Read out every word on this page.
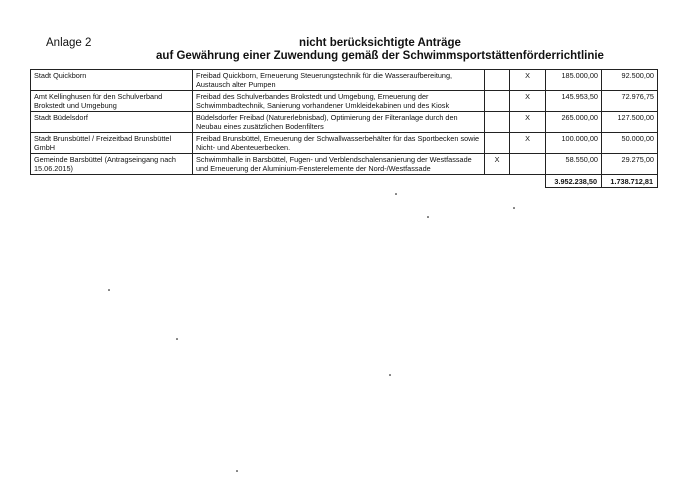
Anlage 2	nicht berücksichtigte Anträge
auf Gewährung einer Zuwendung gemäß der Schwimmsportstättenförderrichtlinie
Stadt Quickborn	Freibad Quickborn, Erneuerung Steuerungstechnik für die Wasseraufbereitung, Austausch alter Pumpen		X	185.000,00	92.500,00
Amt Kellinghusen für den Schulverband Brokstedt und Umgebung	Freibad des Schulverbandes Brokstedt und Umgebung, Erneuerung der Schwimmbadtechnik, Sanierung vorhandener Umkleidekabinen und des Kiosk		X	145.953,50	72.976,75
Stadt Büdelsdorf	Büdelsdorfer Freibad (Naturerlebnisbad), Optimierung der Filteranlage durch den Neubau eines zusätzlichen Bodenfilters		X	265.000,00	127.500,00
Stadt Brunsbüttel / Freizeitbad Brunsbüttel GmbH	Freibad Brunsbüttel, Erneuerung der Schwallwasserbehälter für das Sportbecken sowie Nicht- und Abenteuerbecken.		X	100.000,00	50.000,00
Gemeinde Barsbüttel (Antragseingang nach 15.06.2015)	Schwimmhalle in Barsbüttel, Fugen- und Verblendschalensanierung der Westfassade und Erneuerung der Aluminium-Fensterelemente der Nord-/Westfassade	X		58.550,00	29.275,00
				3.952.238,50	1.738.712,81
